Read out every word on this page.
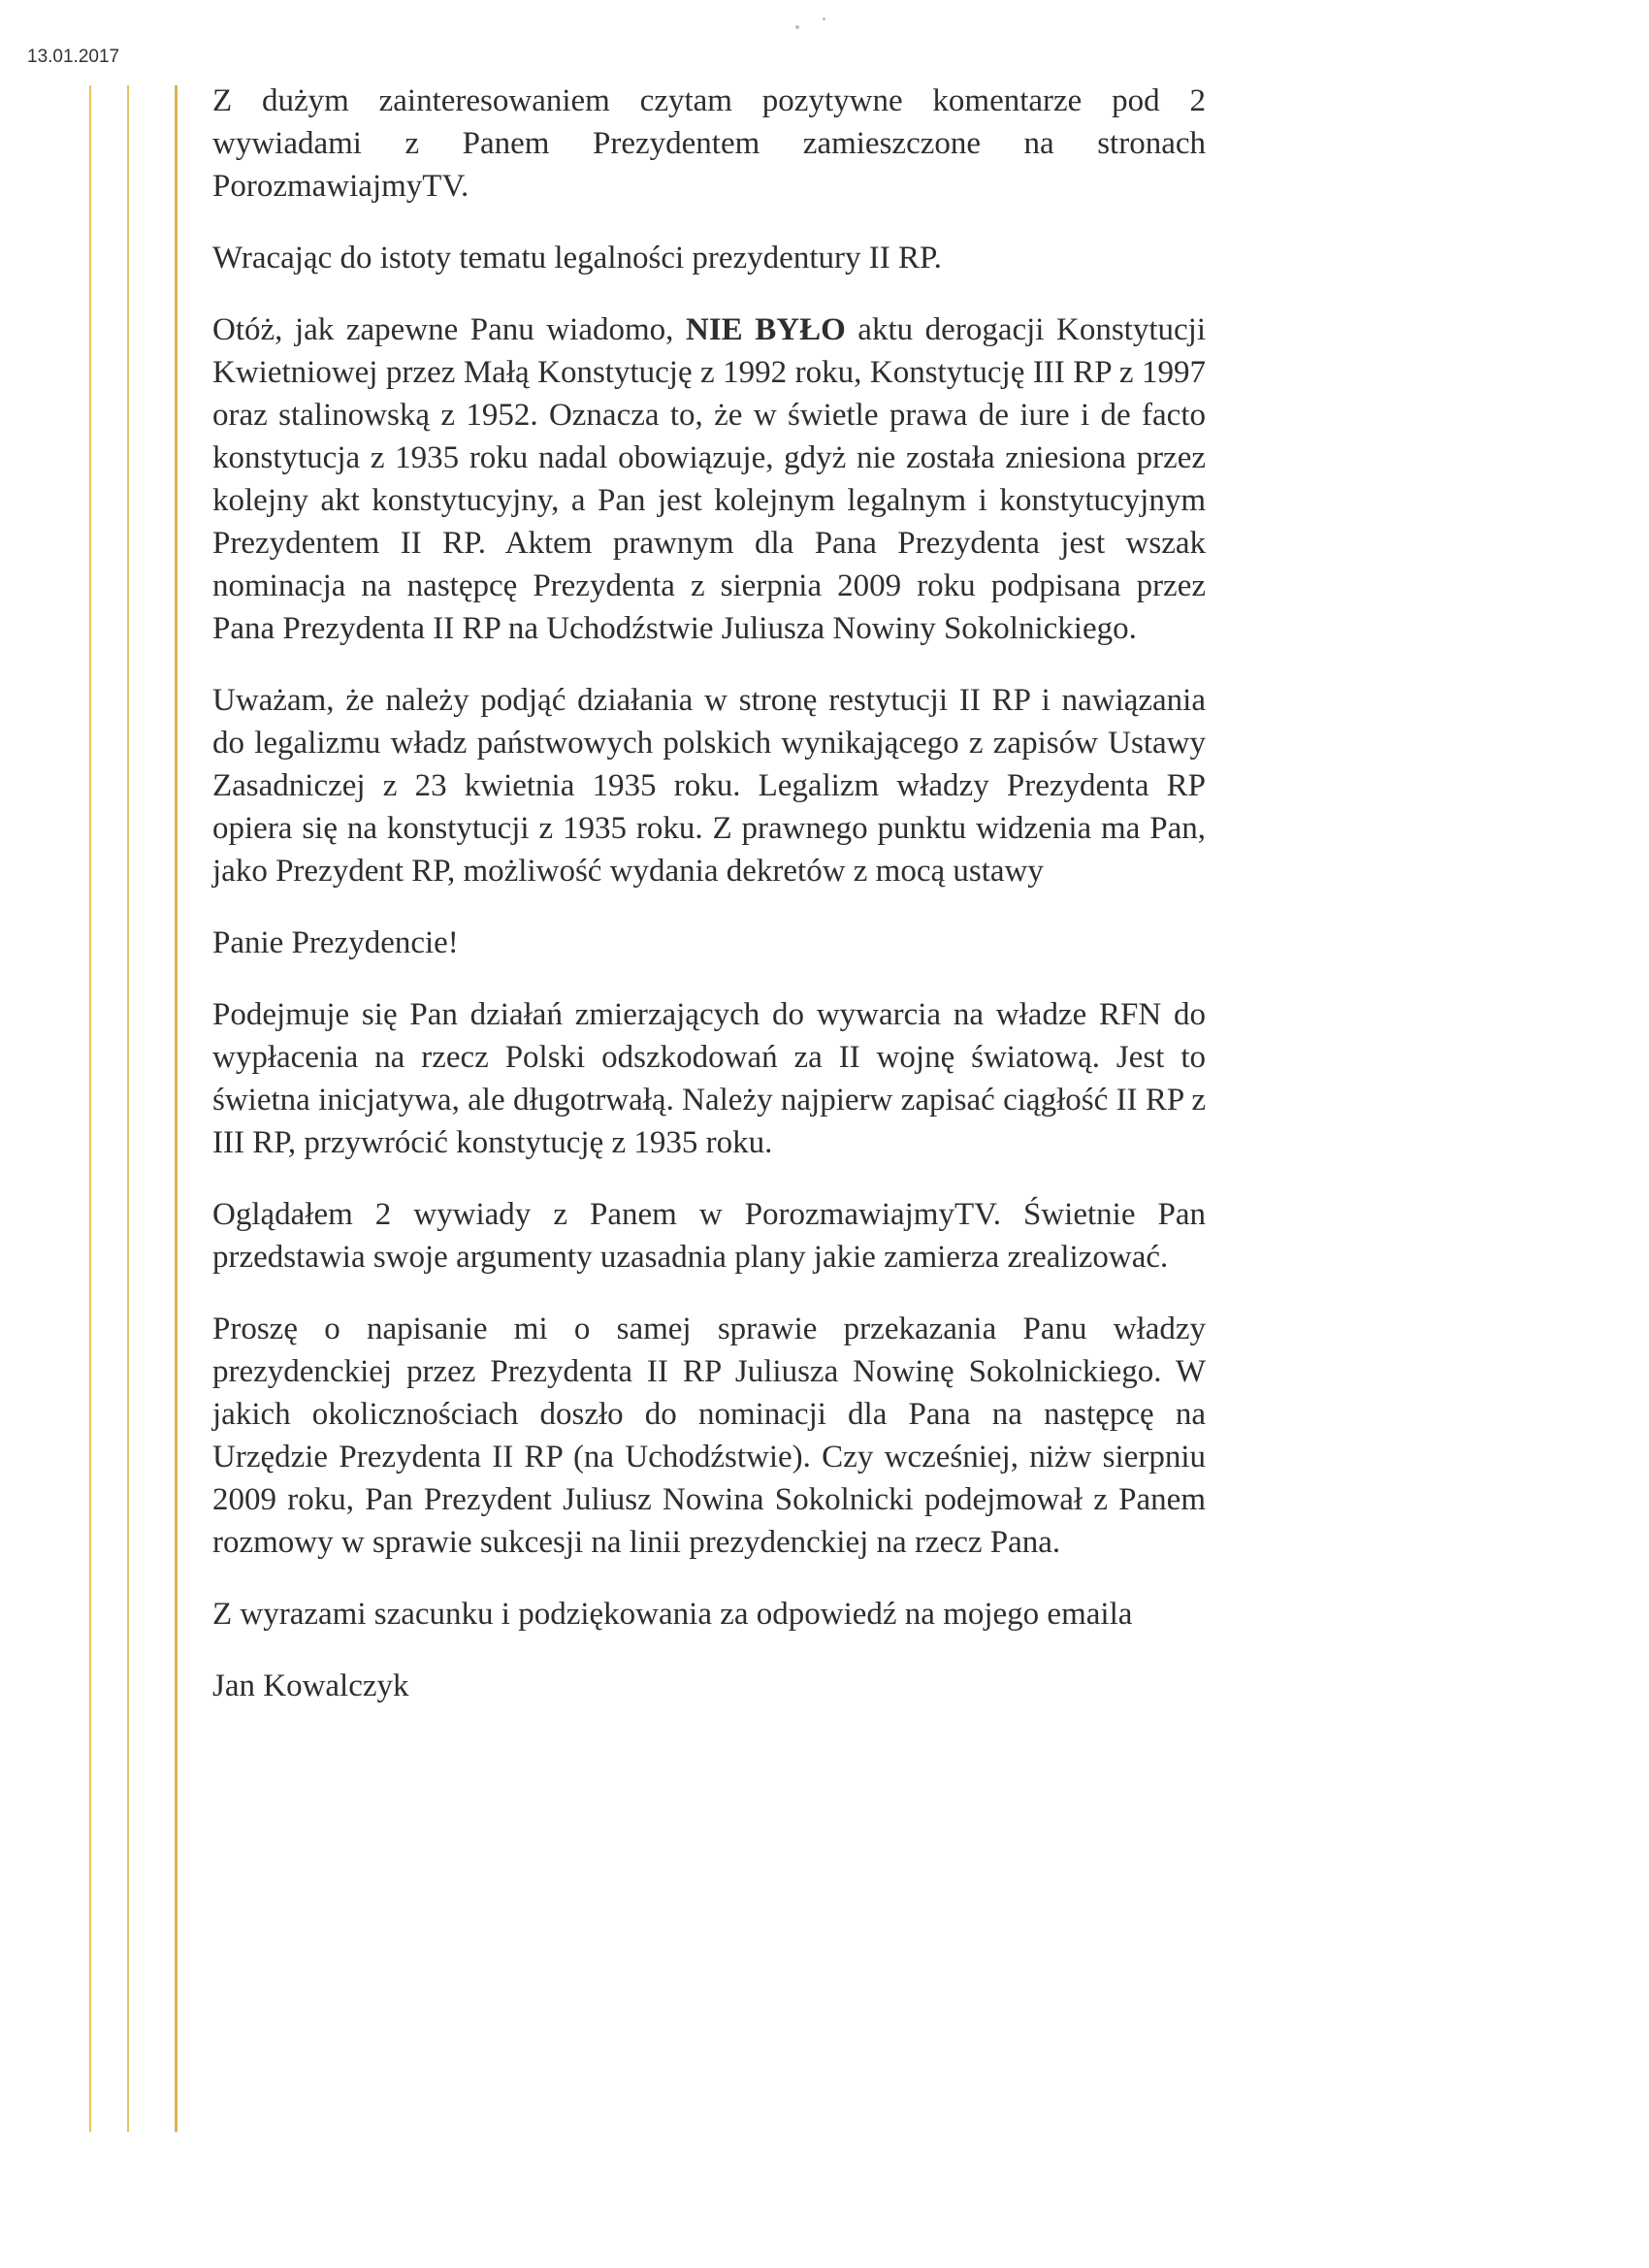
13.01.2017

Z dużym zainteresowaniem czytam pozytywne komentarze pod 2 wywiadami z Panem Prezydentem zamieszczone na stronach PorozmawiajmyTV.

Wracając do istoty tematu legalności prezydentury II RP.

Otóż, jak zapewne Panu wiadomo, NIE BYŁO aktu derogacji Konstytucji Kwietniowej przez Małą Konstytucję z 1992 roku, Konstytucję III RP z 1997 oraz stalinowską z 1952. Oznacza to, że w świetle prawa de iure i de facto konstytucja z 1935 roku nadal obowiązuje, gdyż nie została zniesiona przez kolejny akt konstytucyjny, a Pan jest kolejnym legalnym i konstytucyjnym Prezydentem II RP. Aktem prawnym dla Pana Prezydenta jest wszak nominacja na następcę Prezydenta z sierpnia 2009 roku podpisana przez Pana Prezydenta II RP na Uchodźstwie Juliusza Nowiny Sokolnickiego.

Uważam, że należy podjąć działania w stronę restytucji II RP i nawiązania do legalizmu władz państwowych polskich wynikającego z zapisów Ustawy Zasadniczej z 23 kwietnia 1935 roku. Legalizm władzy Prezydenta RP opiera się na konstytucji z 1935 roku. Z prawnego punktu widzenia ma Pan, jako Prezydent RP, możliwość wydania dekretów z mocą ustawy

Panie Prezydencie!

Podejmuje się Pan działań zmierzających do wywarcia na władze RFN do wypłacenia na rzecz Polski odszkodowań za II wojnę światową. Jest to świetna inicjatywa, ale długotrwałą. Należy najpierw zapisać ciągłość II RP z III RP, przywrócić konstytucję z 1935 roku.

Oglądałem 2 wywiady z Panem w PorozmawiajmyTV. Świetnie Pan przedstawia swoje argumenty uzasadnia plany jakie zamierza zrealizować.

Proszę o napisanie mi o samej sprawie przekazania Panu władzy prezydenckiej przez Prezydenta II RP Juliusza Nowinę Sokolnickiego. W jakich okolicznościach doszło do nominacji dla Pana na następcę na Urzędzie Prezydenta II RP (na Uchodźstwie). Czy wcześniej, niżw sierpniu 2009 roku, Pan Prezydent Juliusz Nowina Sokolnicki podejmował z Panem rozmowy w sprawie sukcesji na linii prezydenckiej na rzecz Pana.

Z wyrazami szacunku i podziękowania za odpowiedź na mojego emaila

Jan Kowalczyk
